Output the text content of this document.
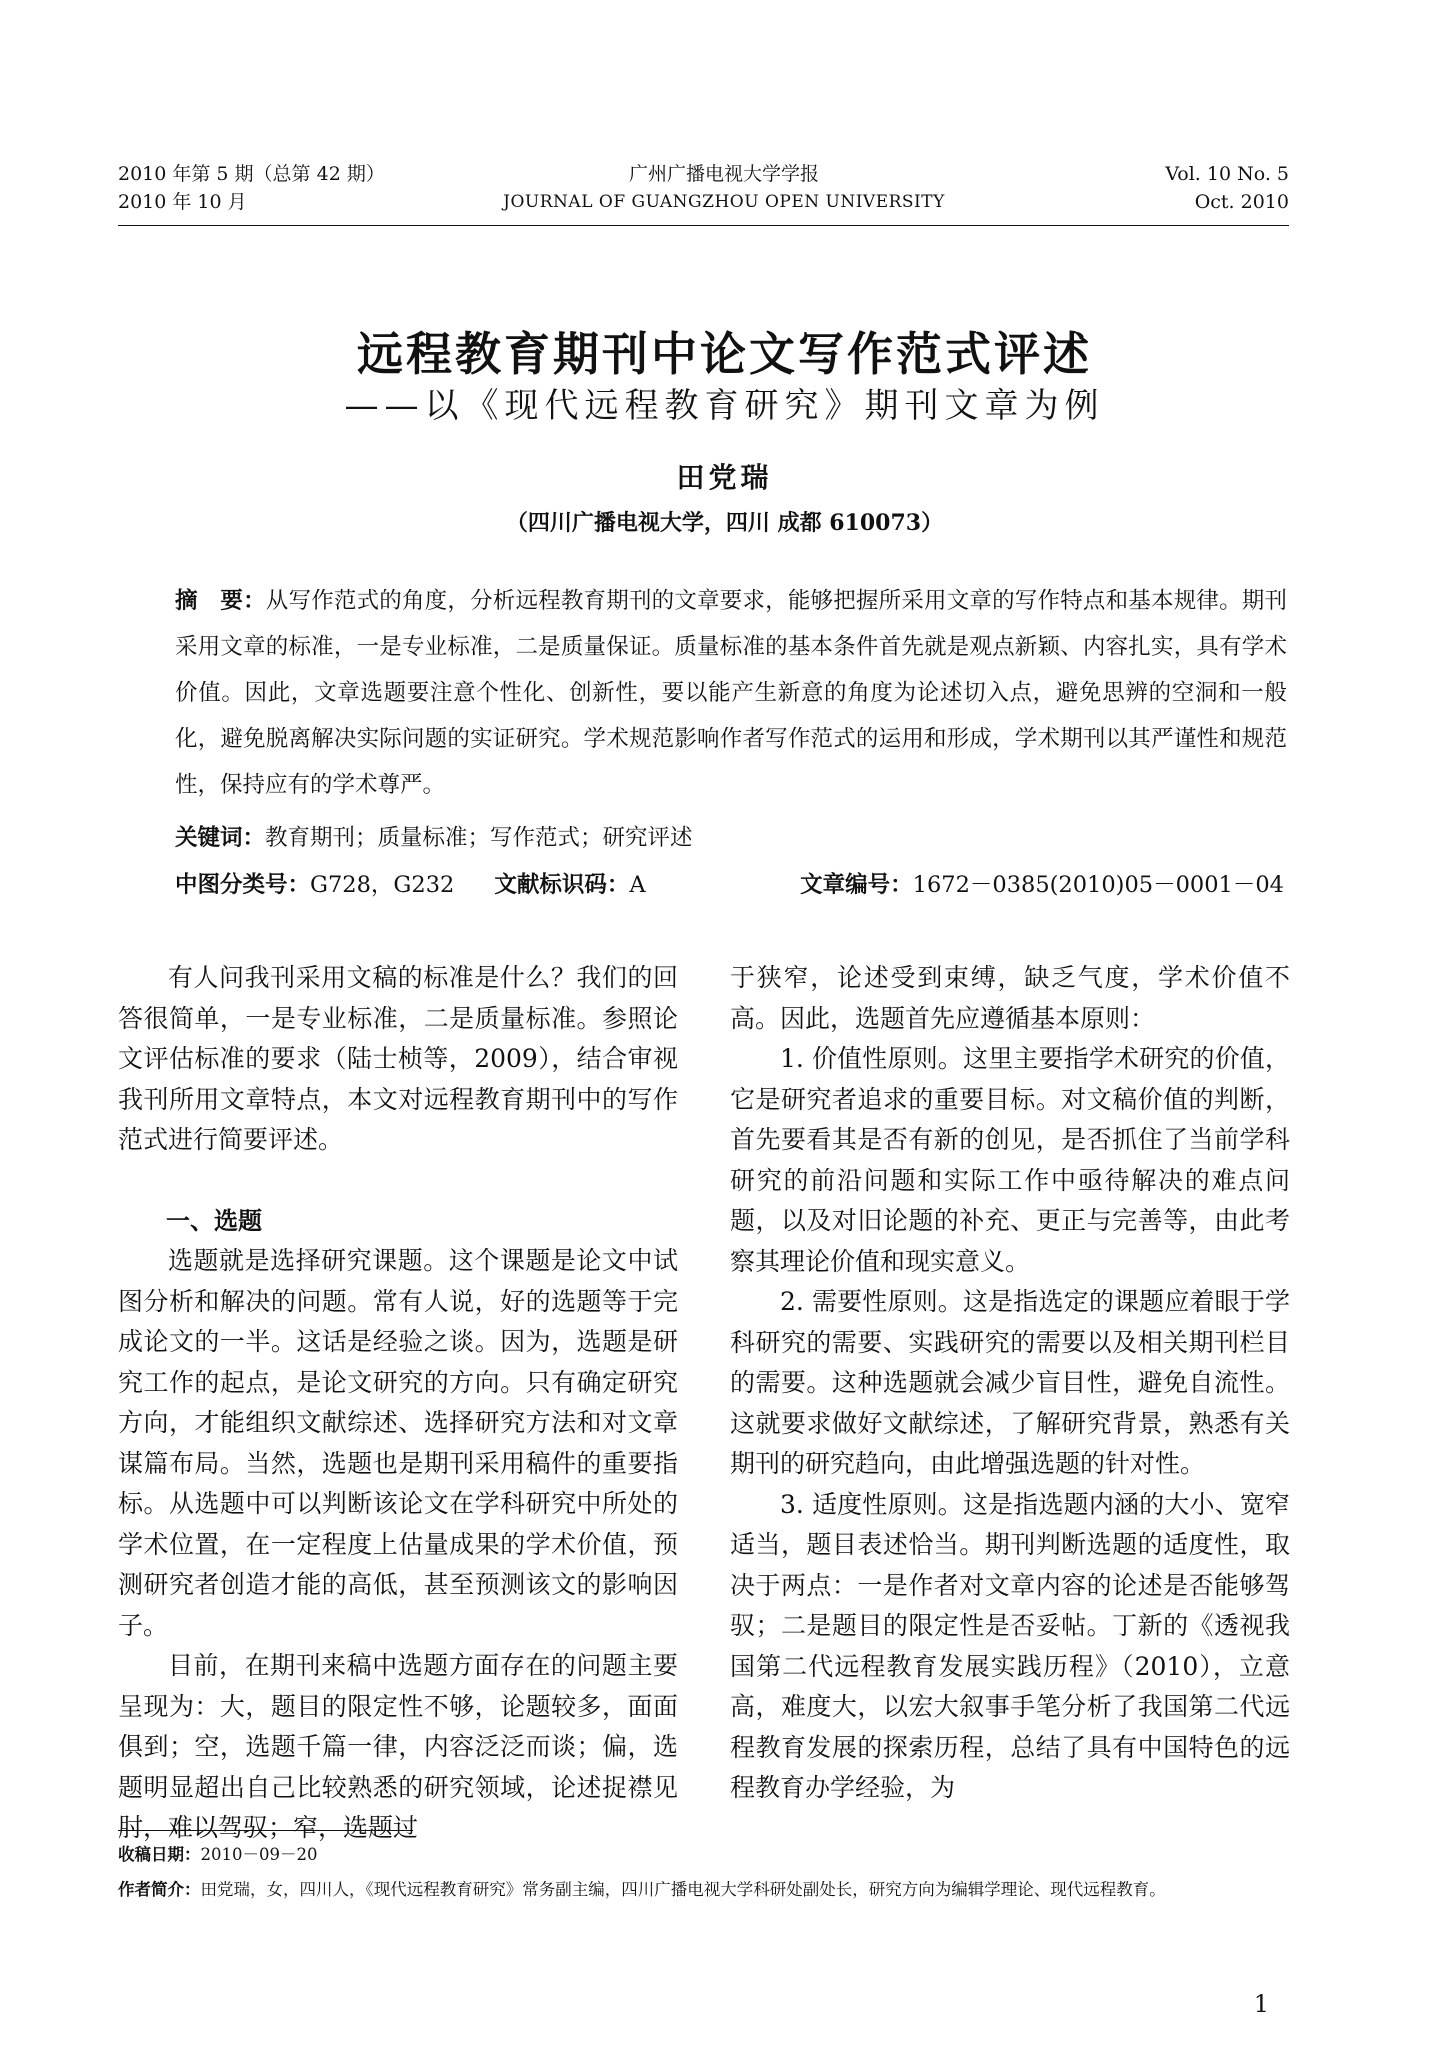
2010 年第 5 期（总第 42 期）
2010 年 10 月
广州广播电视大学学报
JOURNAL OF GUANGZHOU OPEN UNIVERSITY
Vol. 10 No. 5
Oct. 2010
远程教育期刊中论文写作范式评述
——以《现代远程教育研究》期刊文章为例
田党瑞
（四川广播电视大学，四川 成都 610073）
摘　要：从写作范式的角度，分析远程教育期刊的文章要求，能够把握所采用文章的写作特点和基本规律。期刊采用文章的标准，一是专业标准，二是质量保证。质量标准的基本条件首先就是观点新颖、内容扎实，具有学术价值。因此，文章选题要注意个性化、创新性，要以能产生新意的角度为论述切入点，避免思辨的空洞和一般化，避免脱离解决实际问题的实证研究。学术规范影响作者写作范式的运用和形成，学术期刊以其严谨性和规范性，保持应有的学术尊严。
关键词：教育期刊；质量标准；写作范式；研究评述
中图分类号：G728，G232 文献标识码：A	文章编号：1672－0385(2010)05－0001－04

有人问我刊采用文稿的标准是什么？我们的回答很简单，一是专业标准，二是质量标准。参照论文评估标准的要求（陆士桢等，2009），结合审视我刊所用文章特点，本文对远程教育期刊中的写作范式进行简要评述。

一、选题

选题就是选择研究课题。这个课题是论文中试图分析和解决的问题。常有人说，好的选题等于完成论文的一半。这话是经验之谈。因为，选题是研究工作的起点，是论文研究的方向。只有确定研究方向，才能组织文献综述、选择研究方法和对文章谋篇布局。当然，选题也是期刊采用稿件的重要指标。从选题中可以判断该论文在学科研究中所处的学术位置，在一定程度上估量成果的学术价值，预测研究者创造才能的高低，甚至预测该文的影响因子。

目前，在期刊来稿中选题方面存在的问题主要呈现为：大，题目的限定性不够，论题较多，面面俱到；空，选题千篇一律，内容泛泛而谈；偏，选题明显超出自己比较熟悉的研究领域，论述捉襟见肘，难以驾驭；窄，选题过

于狭窄，论述受到束缚，缺乏气度，学术价值不高。因此，选题首先应遵循基本原则：

1. 价值性原则。这里主要指学术研究的价值，它是研究者追求的重要目标。对文稿价值的判断，首先要看其是否有新的创见，是否抓住了当前学科研究的前沿问题和实际工作中亟待解决的难点问题，以及对旧论题的补充、更正与完善等，由此考察其理论价值和现实意义。

2. 需要性原则。这是指选定的课题应着眼于学科研究的需要、实践研究的需要以及相关期刊栏目的需要。这种选题就会减少盲目性，避免自流性。这就要求做好文献综述，了解研究背景，熟悉有关期刊的研究趋向，由此增强选题的针对性。

3. 适度性原则。这是指选题内涵的大小、宽窄适当，题目表述恰当。期刊判断选题的适度性，取决于两点：一是作者对文章内容的论述是否能够驾驭；二是题目的限定性是否妥帖。丁新的《透视我国第二代远程教育发展实践历程》（2010），立意高，难度大，以宏大叙事手笔分析了我国第二代远程教育发展的探索历程，总结了具有中国特色的远程教育办学经验，为

收稿日期：2010－09－20
作者简介：田党瑞，女，四川人，《现代远程教育研究》常务副主编，四川广播电视大学科研处副处长，研究方向为编辑学理论、现代远程教育。
1
